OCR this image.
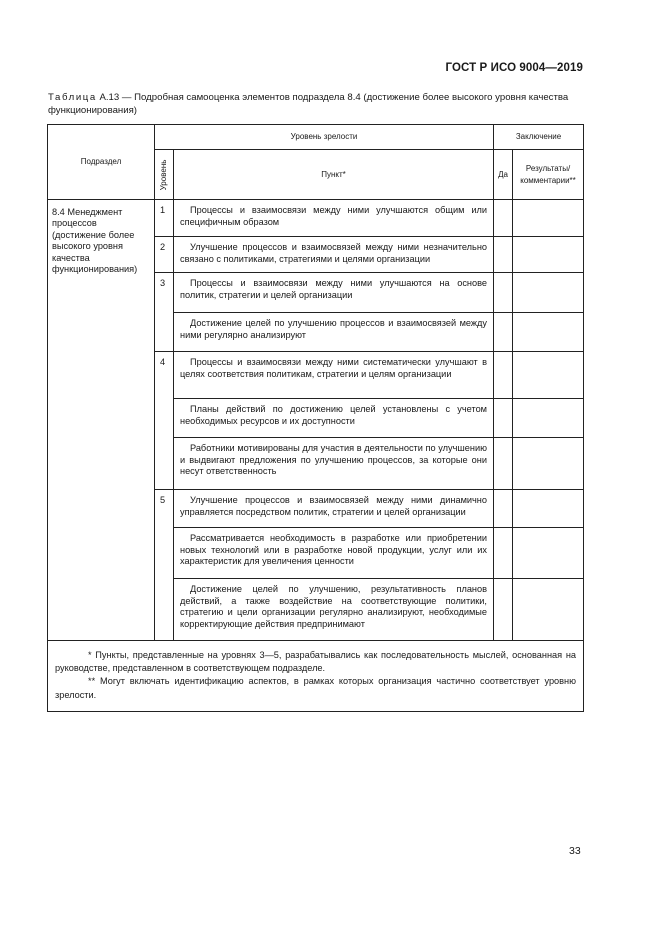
ГОСТ Р ИСО 9004—2019
Таблица А.13 — Подробная самооценка элементов подраздела 8.4 (достижение более высокого уровня качества функционирования)
Подраздел	Уровень зрелости		Заключение	

	Уровень	Пункт*	Да	Результаты/ комментарии**
8.4 Менеджмент процессов (достижение более высокого уровня качества функционирования)	1	Процессы и взаимосвязи между ними улучшаются общим или специфичным образом		

	2	Улучшение процессов и взаимосвязей между ними незначительно связано с политиками, стратегиями и целями организации		

	3	Процессы и взаимосвязи между ними улучшаются на основе политик, стратегии и целей организации		

		Достижение целей по улучшению процессов и взаимосвязей между ними регулярно анализируют		

	4	Процессы и взаимосвязи между ними систематически улучшают в целях соответствия политикам, стратегии и целям организации		

		Планы действий по достижению целей установлены с учетом необходимых ресурсов и их доступности		

		Работники мотивированы для участия в деятельности по улучшению и выдвигают предложения по улучшению процессов, за которые они несут ответственность		

	5	Улучшение процессов и взаимосвязей между ними динамично управляется посредством политик, стратегии и целей организации		

		Рассматривается необходимость в разработке или приобретении новых технологий или в разработке новой продукции, услуг или их характеристик для увеличения ценности		

		Достижение целей по улучшению, результативность планов действий, а также воздействие на соответствующие политики, стратегию и цели организации регулярно анализируют, необходимые корректирующие действия предпринимают		

* Пункты, представленные на уровнях 3—5, разрабатывались как последовательность мыслей, основанная на руководстве, представленном в соответствующем подразделе.

** Могут включать идентификацию аспектов, в рамках которых организация частично соответствует уровню зрелости.				

33
